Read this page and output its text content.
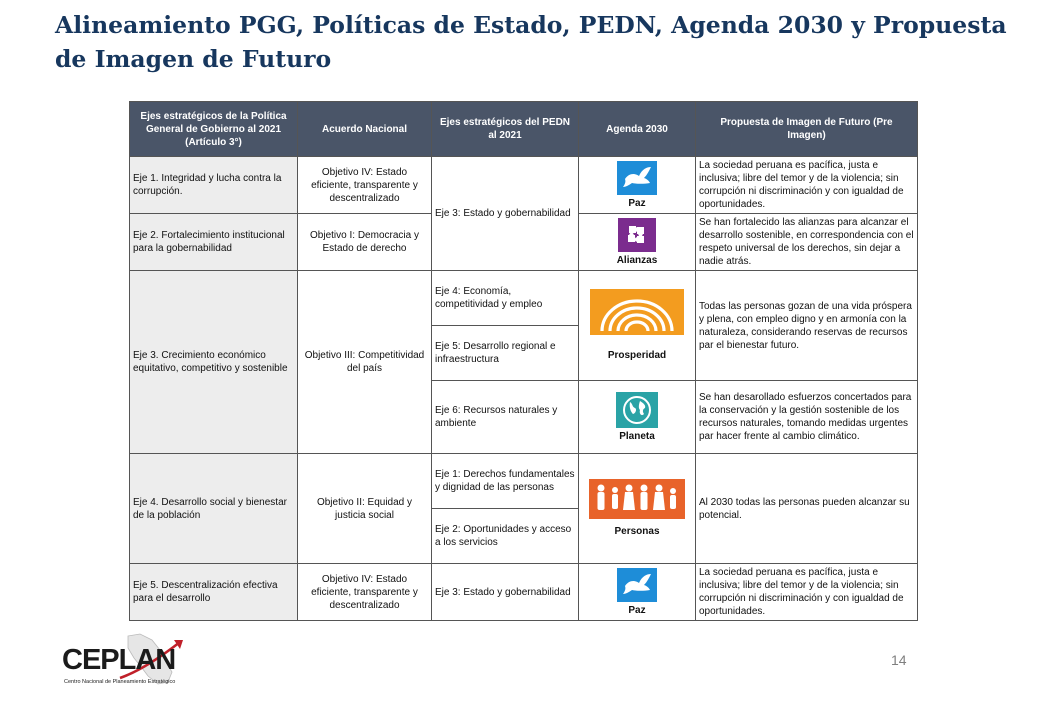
Alineamiento PGG, Políticas de Estado, PEDN, Agenda 2030 y Propuesta de Imagen de Futuro
Ejes estratégicos de la Política General de Gobierno al 2021 (Artículo 3°)	Acuerdo Nacional	Ejes estratégicos del PEDN al 2021	Agenda 2030	Propuesta de Imagen de Futuro (Pre Imagen)
Eje 1. Integridad y lucha contra la corrupción.	Objetivo IV: Estado eficiente, transparente y descentralizado	Eje 3: Estado y gobernabilidad	Paz	La sociedad peruana es pacífica, justa e inclusiva; libre del temor y de la violencia; sin corrupción ni discriminación y con igualdad de oportunidades.
Eje 2. Fortalecimiento institucional para la gobernabilidad	Objetivo I: Democracia y Estado de derecho		Alianzas	Se han fortalecido las alianzas para alcanzar el desarrollo sostenible, en correspondencia con el respeto universal de los derechos, sin dejar a nadie atrás.
Eje 3. Crecimiento económico equitativo, competitivo y sostenible	Objetivo III: Competitividad del país	Eje 4: Economía, competitividad y empleo	Prosperidad	Todas las personas gozan de una vida próspera y plena, con empleo digno y en armonía con la naturaleza, considerando reservas de recursos par el bienestar futuro.
		Eje 5: Desarrollo regional e infraestructura		
		Eje 6: Recursos naturales y ambiente	Planeta	Se han desarollado esfuerzos concertados para la conservación y la gestión sostenible de los recursos naturales, tomando medidas urgentes par hacer frente al cambio climático.
Eje 4. Desarrollo social y bienestar de la población	Objetivo II: Equidad y justicia social	Eje 1: Derechos fundamentales y dignidad de las personas	Personas	Al 2030 todas las personas pueden alcanzar su potencial.
		Eje 2: Oportunidades y acceso a los servicios		
Eje 5. Descentralización efectiva para el desarrollo	Objetivo IV: Estado eficiente, transparente y descentralizado	Eje 3: Estado y gobernabilidad	Paz	La sociedad peruana es pacífica, justa e inclusiva; libre del temor y de la violencia; sin corrupción ni discriminación y con igualdad de oportunidades.
CEPLAN
Centro Nacional de Planeamiento Estratégico
14
